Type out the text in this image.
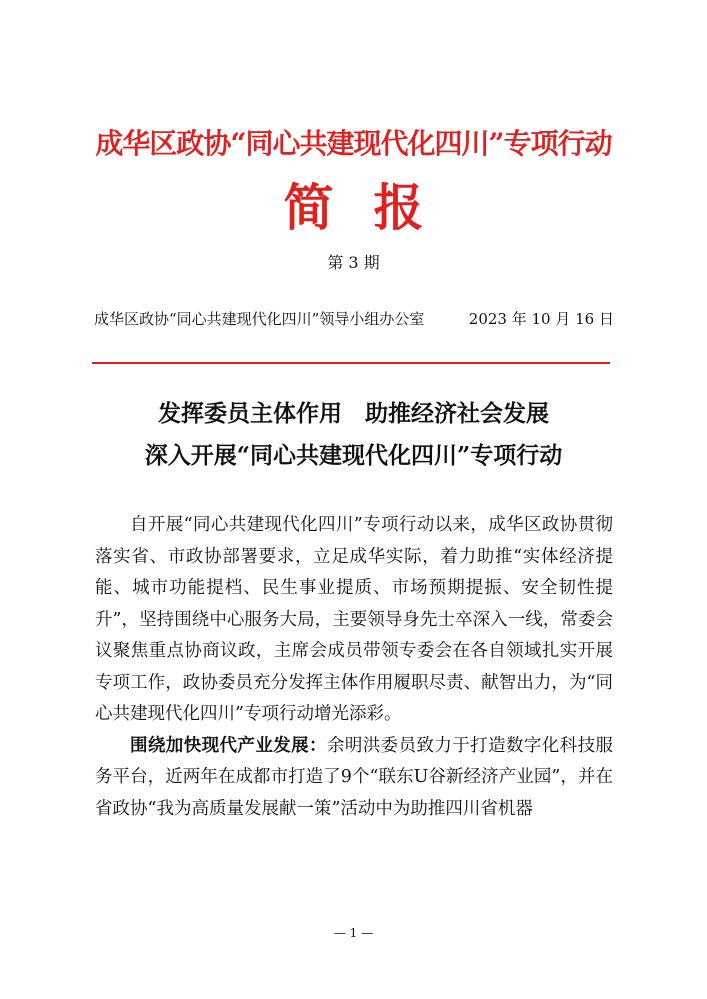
成华区政协“同心共建现代化四川”专项行动
简报
第 3 期
成华区政协“同心共建现代化四川”领导小组办公室	2023 年 10 月 16 日
发挥委员主体作用　助推经济社会发展
深入开展“同心共建现代化四川”专项行动

自开展“同心共建现代化四川”专项行动以来，成华区政协贯彻落实省、市政协部署要求，立足成华实际，着力助推“实体经济提能、城市功能提档、民生事业提质、市场预期提振、安全韧性提升”，坚持围绕中心服务大局，主要领导身先士卒深入一线，常委会议聚焦重点协商议政，主席会成员带领专委会在各自领域扎实开展专项工作，政协委员充分发挥主体作用履职尽责、献智出力，为“同心共建现代化四川”专项行动增光添彩。

围绕加快现代产业发展：余明洪委员致力于打造数字化科技服务平台，近两年在成都市打造了9个“联东U谷新经济产业园”，并在省政协“我为高质量发展献一策”活动中为助推四川省机器

— 1 —
